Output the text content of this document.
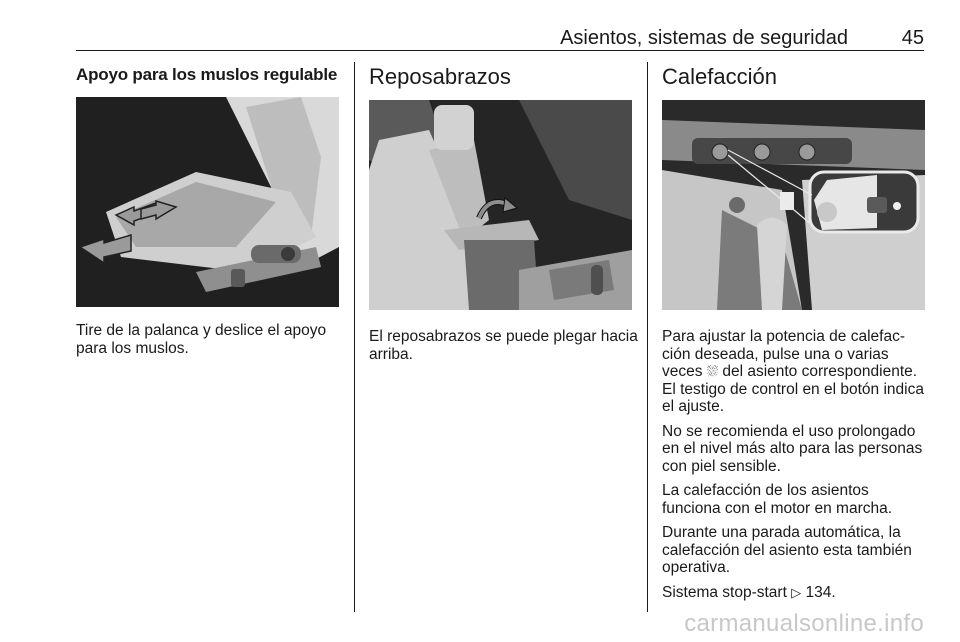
Asientos, sistemas de seguridad	45
Apoyo para los muslos regulable

Tire de la palanca y deslice el apoyo para los muslos.

Reposabrazos

El reposabrazos se puede plegar hacia arriba.

Calefacción

Para ajustar la potencia de calefac- ción deseada, pulse una o varias veces ⛆ del asiento correspondiente. El testigo de control en el botón indica el ajuste.

No se recomienda el uso prolongado en el nivel más alto para las personas con piel sensible.

La calefacción de los asientos funciona con el motor en marcha.

Durante una parada automática, la calefacción del asiento esta también operativa.

Sistema stop-start ▷ 134.

carmanualsonline.info
